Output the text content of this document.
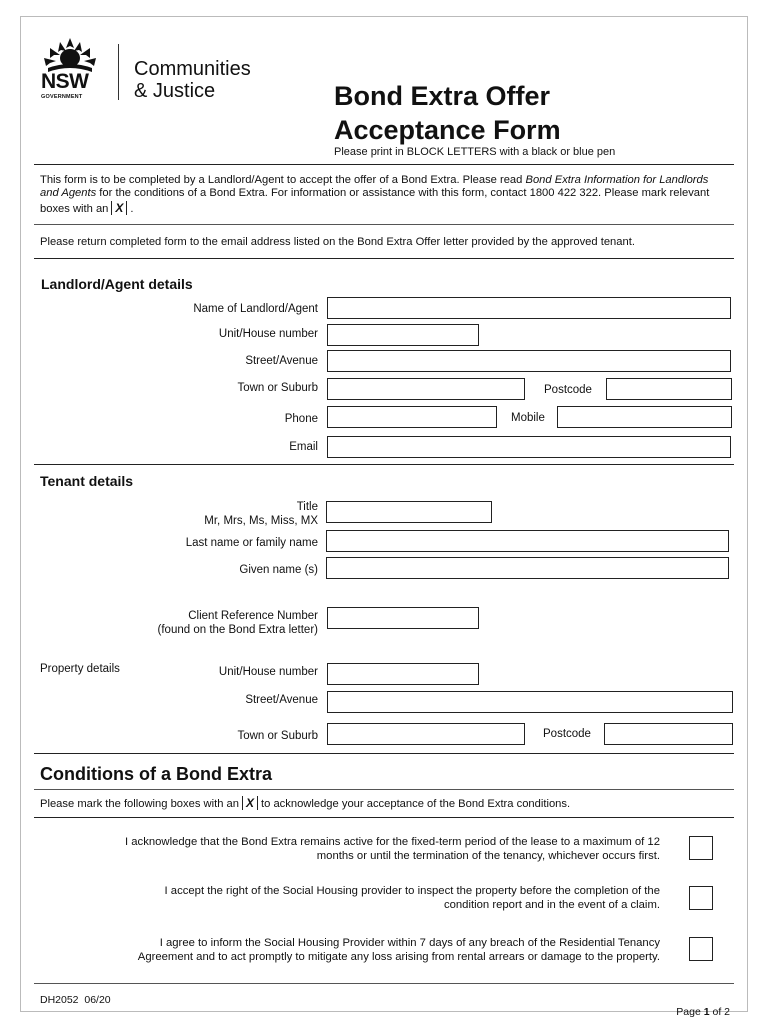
NSW
GOVERNMENT
Communities
& Justice	Bond Extra Offer
Acceptance Form
Please print in BLOCK LETTERS with a black or blue pen
This form is to be completed by a Landlord/Agent to accept the offer of a Bond Extra. Please read Bond Extra Information for Landlords and Agents for the conditions of a Bond Extra. For information or assistance with this form, contact 1800 422 322. Please mark relevant boxes with an X .
Please return completed form to the email address listed on the Bond Extra Offer letter provided by the approved tenant.
Landlord/Agent details
Name of Landlord/Agent
Unit/House number
Street/Avenue
Town or Suburb	Postcode
Phone	Mobile
Email
Tenant details
Title
Mr, Mrs, Ms, Miss, MX
Last name or family name
Given name (s)
Client Reference Number
(found on the Bond Extra letter)
Property details	Unit/House number
Street/Avenue
Town or Suburb	Postcode
Conditions of a Bond Extra
Please mark the following boxes with an X to acknowledge your acceptance of the Bond Extra conditions.
I acknowledge that the Bond Extra remains active for the fixed-term period of the lease to a maximum of 12
months or until the termination of the tenancy, whichever occurs first.
I accept the right of the Social Housing provider to inspect the property before the completion of the
condition report and in the event of a claim.
I agree to inform the Social Housing Provider within 7 days of any breach of the Residential Tenancy
Agreement and to act promptly to mitigate any loss arising from rental arrears or damage to the property.
DH2052  06/20

Page 1 of 2
